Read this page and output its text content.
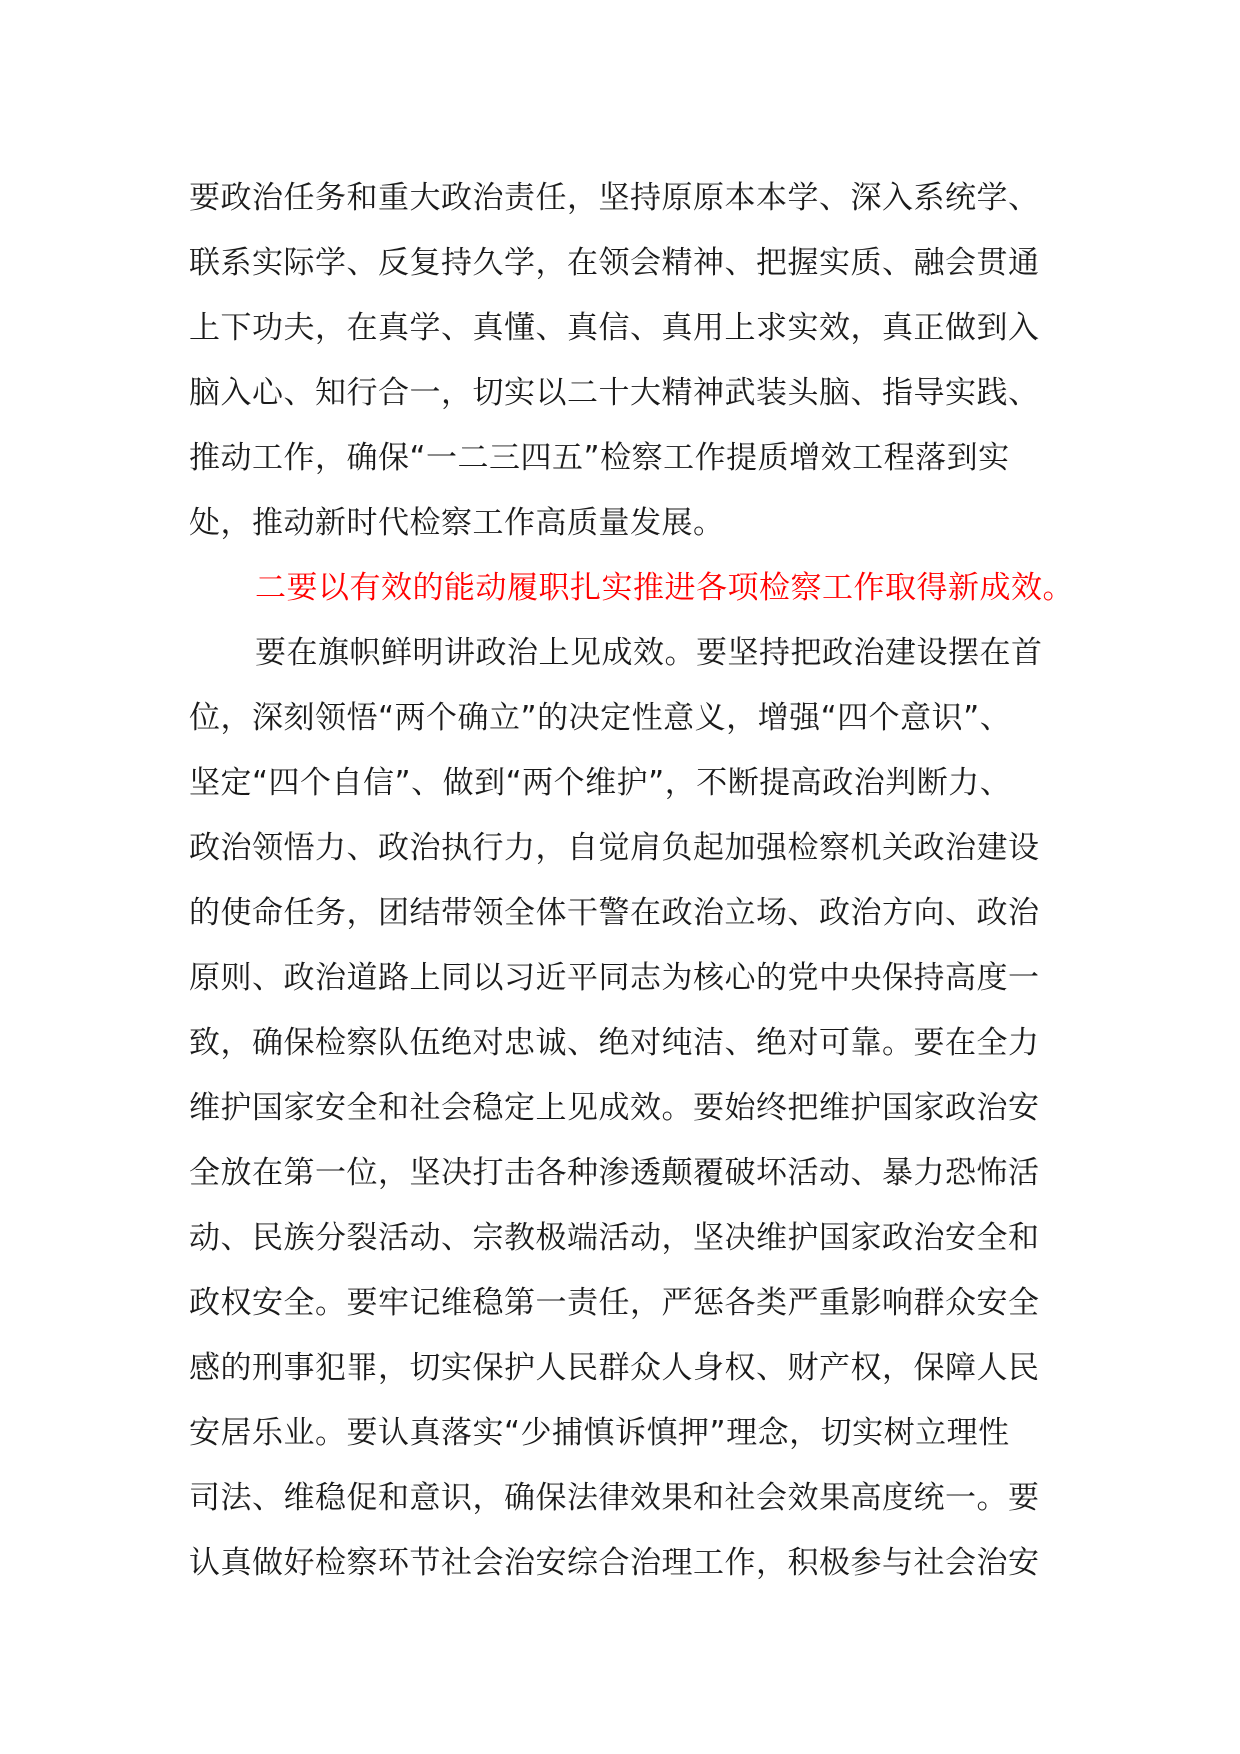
要政治任务和重大政治责任，坚持原原本本学、深入系统学、
联系实际学、反复持久学，在领会精神、把握实质、融会贯通
上下功夫，在真学、真懂、真信、真用上求实效，真正做到入
脑入心、知行合一，切实以二十大精神武装头脑、指导实践、
推动工作，确保“一二三四五”检察工作提质增效工程落到实
处，推动新时代检察工作高质量发展。
二要以有效的能动履职扎实推进各项检察工作取得新成效。
要在旗帜鲜明讲政治上见成效。要坚持把政治建设摆在首
位，深刻领悟“两个确立”的决定性意义，增强“四个意识”、
坚定“四个自信”、做到“两个维护”，不断提高政治判断力、
政治领悟力、政治执行力，自觉肩负起加强检察机关政治建设
的使命任务，团结带领全体干警在政治立场、政治方向、政治
原则、政治道路上同以习近平同志为核心的党中央保持高度一
致，确保检察队伍绝对忠诚、绝对纯洁、绝对可靠。要在全力
维护国家安全和社会稳定上见成效。要始终把维护国家政治安
全放在第一位，坚决打击各种渗透颠覆破坏活动、暴力恐怖活
动、民族分裂活动、宗教极端活动，坚决维护国家政治安全和
政权安全。要牢记维稳第一责任，严惩各类严重影响群众安全
感的刑事犯罪，切实保护人民群众人身权、财产权，保障人民
安居乐业。要认真落实“少捕慎诉慎押”理念，切实树立理性
司法、维稳促和意识，确保法律效果和社会效果高度统一。要
认真做好检察环节社会治安综合治理工作，积极参与社会治安
